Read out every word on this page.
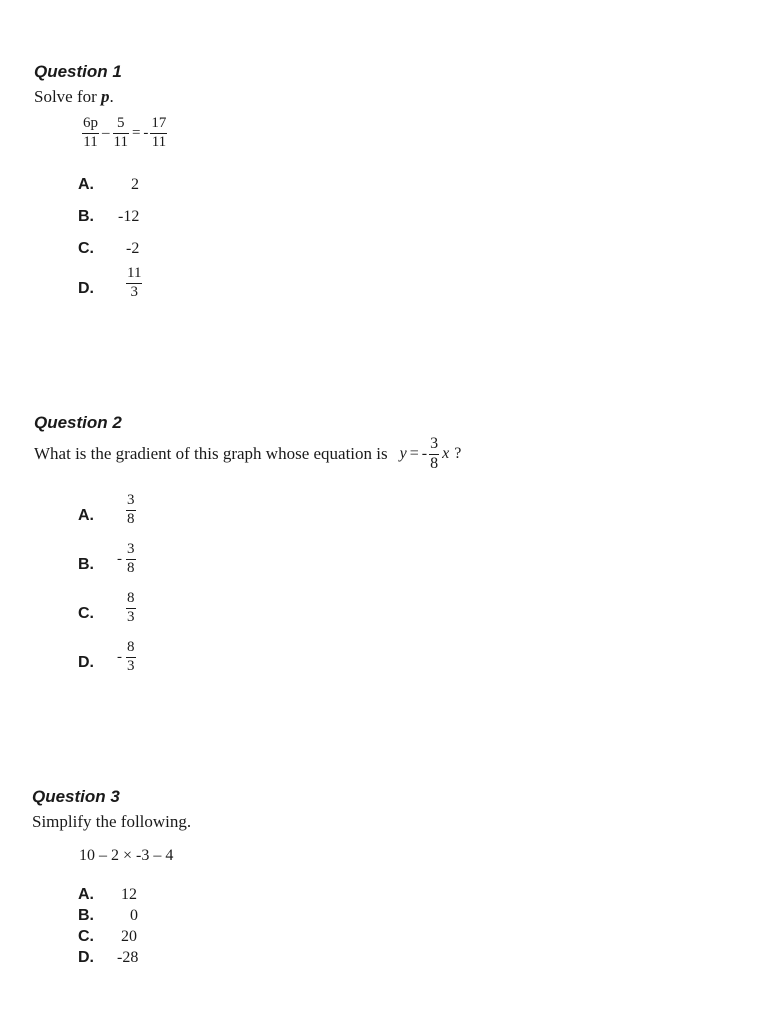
Question 1
Solve for p.
$\frac{6p}{11} - \frac{5}{11}$ = - $\frac{17}{11}$
A. 2
B. -12
C. -2
D. $\frac{11}{3}$
Question 2
What is the gradient of this graph whose equation is y = - $\frac{3}{8}$ x ?
A. $\frac{3}{8}$
B. - $\frac{3}{8}$
C. $\frac{8}{3}$
D. - $\frac{8}{3}$
Question 3
Simplify the following.
10 – 2 × -3 – 4
A. 12
B. 0
C. 20
D. -28
